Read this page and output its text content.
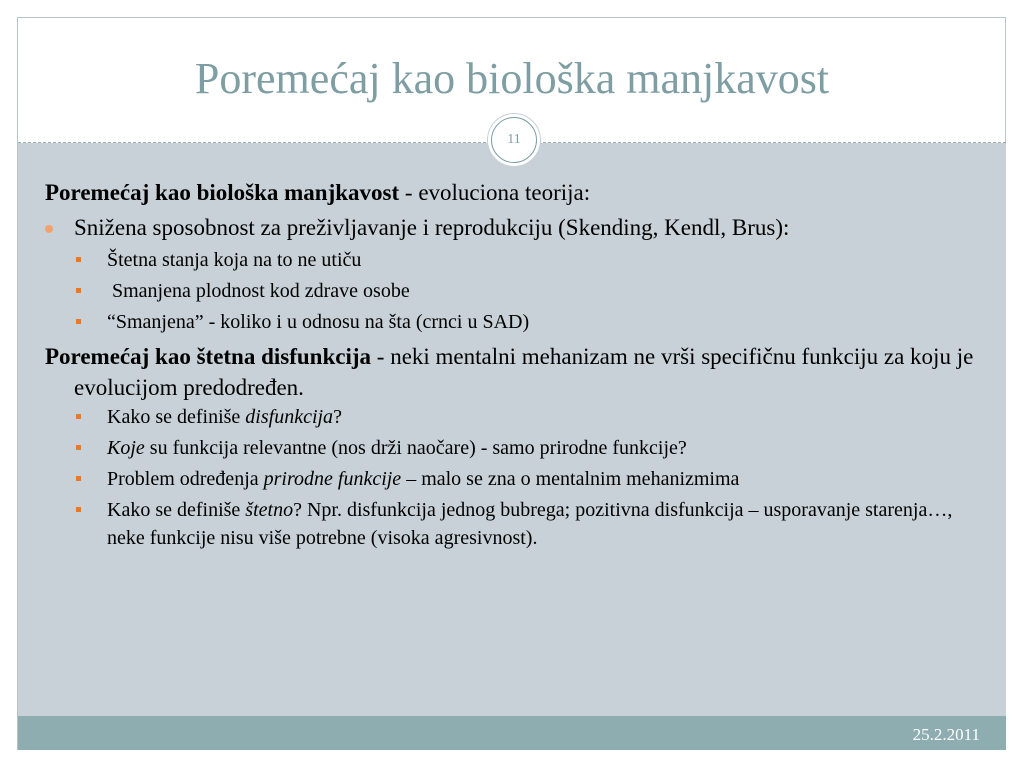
Poremećaj kao biološka manjkavost
11

Poremećaj kao biološka manjkavost - evoluciona teorija:

Snižena sposobnost za preživljavanje i reprodukciju (Skending, Kendl, Brus):
Štetna stanja koja na to ne utiču
Smanjena plodnost kod zdrave osobe
“Smanjena” - koliko i u odnosu na šta (crnci u SAD)

Poremećaj kao štetna disfunkcija - neki mentalni mehanizam ne vrši specifičnu funkciju za koju je evolucijom predodređen.

Kako se definiše disfunkcija?
Koje su funkcija relevantne (nos drži naočare) - samo prirodne funkcije?
Problem određenja prirodne funkcije – malo se zna o mentalnim mehanizmima
Kako se definiše štetno? Npr. disfunkcija jednog bubrega; pozitivna disfunkcija – usporavanje starenja…, neke funkcije nisu više potrebne (visoka agresivnost).
25.2.2011
